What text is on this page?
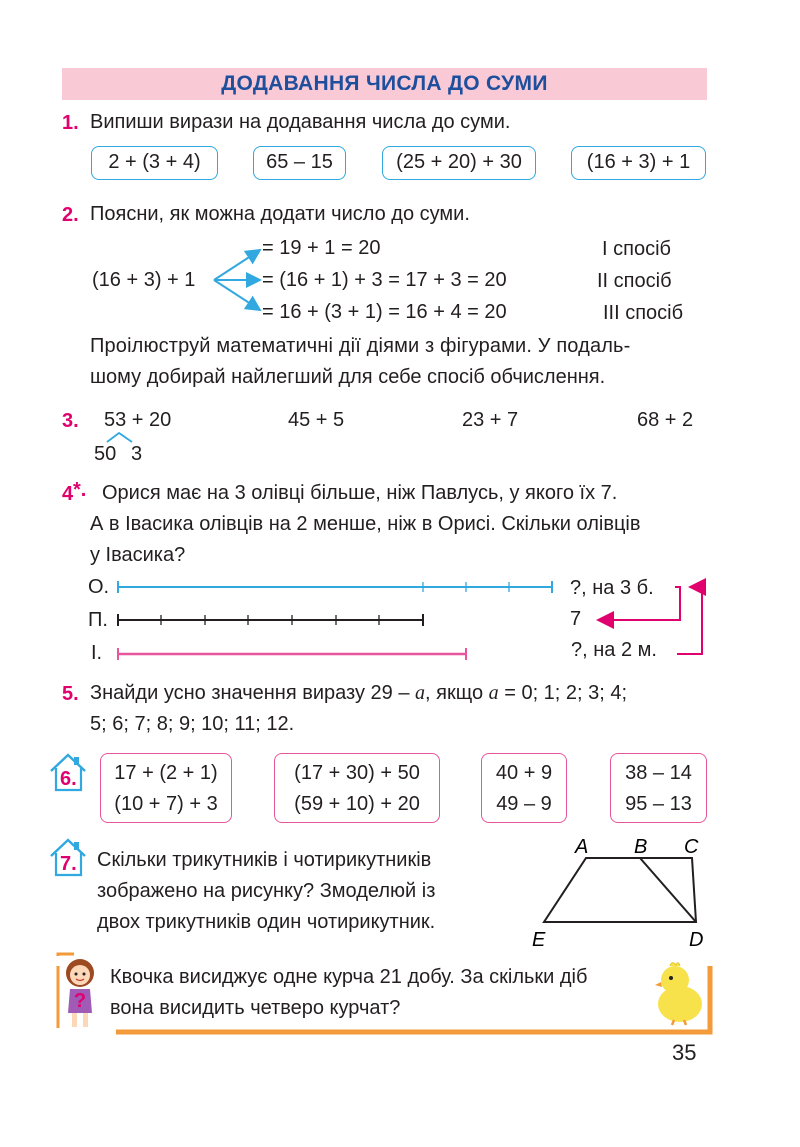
ДОДАВАННЯ ЧИСЛА ДО СУМИ
1. Випиши вирази на додавання числа до суми.
2 + (3 + 4)	65 – 15	(25 + 20) + 30	(16 + 3) + 1
2. Поясни, як можна додати число до суми.
(16 + 3) + 1
= 19 + 1 = 20
= (16 + 1) + 3 = 17 + 3 = 20
= 16 + (3 + 1) = 16 + 4 = 20
І спосіб
ІІ спосіб
ІІІ спосіб
Проілюструй математичні дії діями з фігурами. У подаль-
шому добирай найлегший для себе спосіб обчислення.
3. 53 + 20	45 + 5	23 + 7	68 + 2
50 3
4 *. Орися має на 3 олівці більше, ніж Павлусь, у якого їх 7.
А в Івасика олівців на 2 менше, ніж в Орисі. Скільки олівців
у Івасика?
О.
П.
І.
?, на 3 б.
7
?, на 2 м.
5. Знайди усно значення виразу 29 – а, якщо а = 0; 1; 2; 3; 4;
5; 6; 7; 8; 9; 10; 11; 12.
6.	17 + (2 + 1)
(10 + 7) + 3
(17 + 30) + 50
(59 + 10) + 20
40 + 9
49 – 9
38 – 14
95 – 13
7. Скільки трикутників і чотирикутників
зображено на рисунку? Змоделюй із
двох трикутників один чотирикутник.
A B C
E	D
?
Квочка висиджує одне курча 21 добу. За скільки діб
вона висидить четверо курчат?
35
